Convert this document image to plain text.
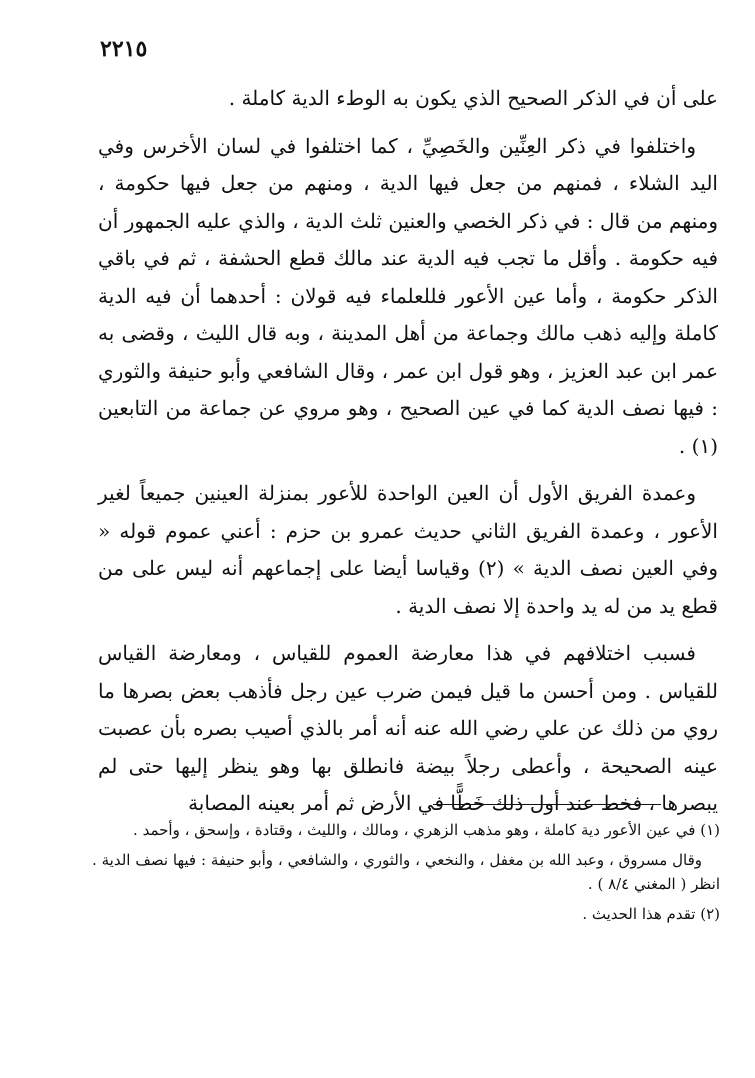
٢٢١٥

على أن في الذكر الصحيح الذي يكون به الوطء الدية كاملة .

واختلفوا في ذكر العِنِّين والخَصِيِّ ، كما اختلفوا في لسان الأخرس وفي اليد الشلاء ، فمنهم من جعل فيها الدية ، ومنهم من جعل فيها حكومة ، ومنهم من قال : في ذكر الخصي والعنين ثلث الدية ، والذي عليه الجمهور أن فيه حكومة . وأقل ما تجب فيه الدية عند مالك قطع الحشفة ، ثم في باقي الذكر حكومة ، وأما عين الأعور فللعلماء فيه قولان : أحدهما أن فيه الدية كاملة وإليه ذهب مالك وجماعة من أهل المدينة ، وبه قال الليث ، وقضى به عمر ابن عبد العزيز ، وهو قول ابن عمر ، وقال الشافعي وأبو حنيفة والثوري : فيها نصف الدية كما في عين الصحيح ، وهو مروي عن جماعة من التابعين (١) .

وعمدة الفريق الأول أن العين الواحدة للأعور بمنزلة العينين جميعاً لغير الأعور ، وعمدة الفريق الثاني حديث عمرو بن حزم : أعني عموم قوله « وفي العين نصف الدية » (٢) وقياسا أيضا على إجماعهم أنه ليس على من قطع يد من له يد واحدة إلا نصف الدية .

فسبب اختلافهم في هذا معارضة العموم للقياس ، ومعارضة القياس للقياس . ومن أحسن ما قيل فيمن ضرب عين رجل فأذهب بعض بصرها ما روي من ذلك عن علي رضي الله عنه أنه أمر بالذي أصيب بصره بأن عصبت عينه الصحيحة ، وأعطى رجلاً بيضة فانطلق بها وهو ينظر إليها حتى لم يبصرها ، فخط عند أول ذلك خَطًّا في الأرض ثم أمر بعينه المصابة

(١) في عين الأعور دية كاملة ، وهو مذهب الزهري ، ومالك ، والليث ، وقتادة ، وإسحق ، وأحمد .

وقال مسروق ، وعبد الله بن مغفل ، والنخعي ، والثوري ، والشافعي ، وأبو حنيفة : فيها نصف الدية . انظر ( المغني ٨/٤ ) .

(٢) تقدم هذا الحديث .
